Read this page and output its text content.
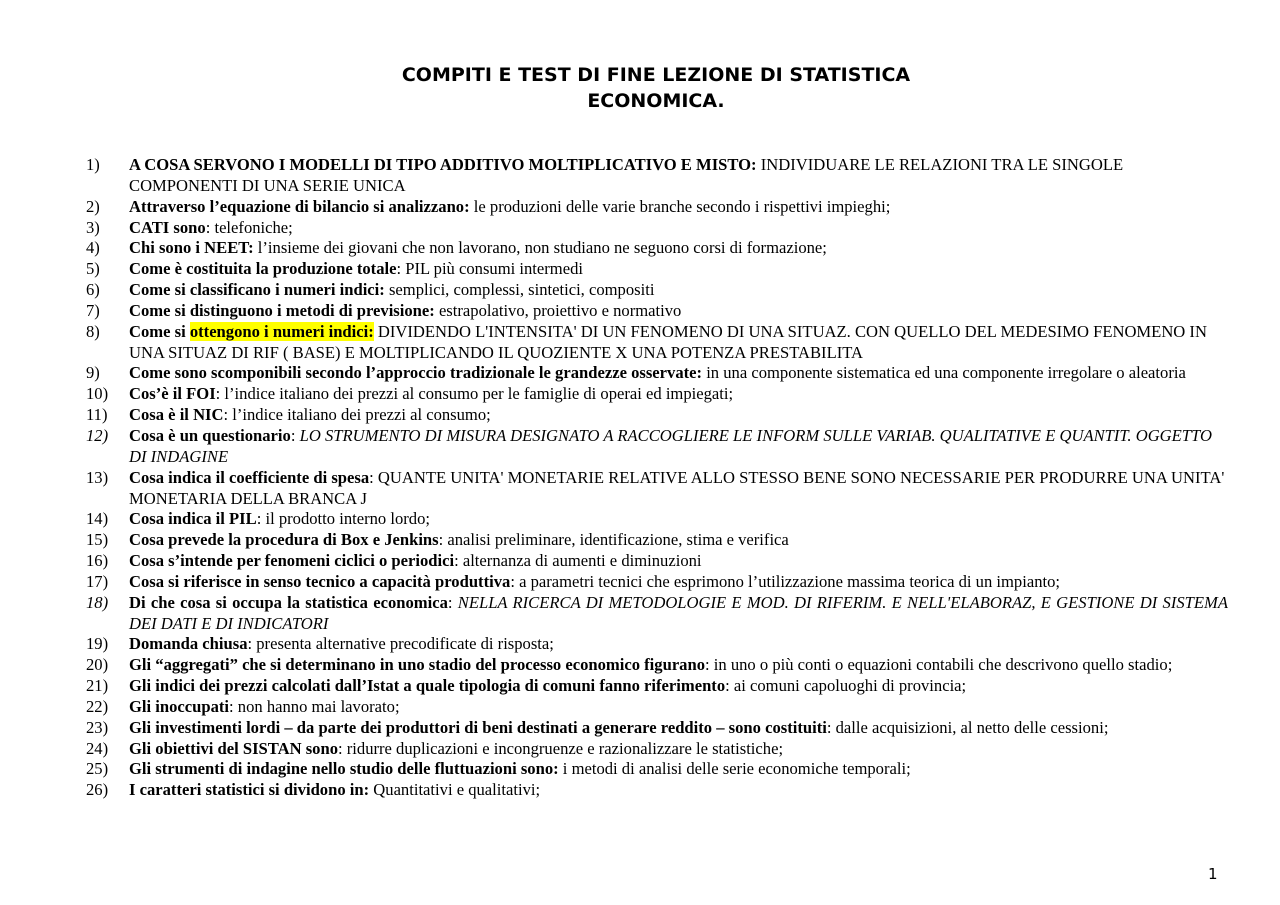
COMPITI E TEST DI FINE LEZIONE DI STATISTICA
ECONOMICA.
1)	A COSA SERVONO I MODELLI DI TIPO ADDITIVO MOLTIPLICATIVO E MISTO: INDIVIDUARE LE RELAZIONI TRA LE SINGOLE COMPONENTI DI UNA SERIE UNICA
2)	Attraverso l’equazione di bilancio si analizzano: le produzioni delle varie branche secondo i rispettivi impieghi;
3)	CATI sono: telefoniche;
4)	Chi sono i NEET: l’insieme dei giovani che non lavorano, non studiano ne seguono corsi di formazione;
5)	Come è costituita la produzione totale: PIL più consumi intermedi
6)	Come si classificano i numeri indici: semplici, complessi, sintetici, compositi
7)	Come si distinguono i metodi di previsione: estrapolativo, proiettivo e normativo
8)	Come si ottengono i numeri indici: DIVIDENDO L'INTENSITA' DI UN FENOMENO DI UNA SITUAZ. CON QUELLO DEL MEDESIMO FENOMENO IN UNA SITUAZ DI RIF ( BASE) E MOLTIPLICANDO IL QUOZIENTE X UNA POTENZA PRESTABILITA
9)	Come sono scomponibili secondo l’approccio tradizionale le grandezze osservate: in una componente sistematica ed una componente irregolare o aleatoria
10)	Cos’è il FOI: l’indice italiano dei prezzi al consumo per le famiglie di operai ed impiegati;
11)	Cosa è il NIC: l’indice italiano dei prezzi al consumo;
12)	Cosa è un questionario: LO STRUMENTO DI MISURA DESIGNATO A RACCOGLIERE LE INFORM SULLE VARIAB. QUALITATIVE E QUANTIT. OGGETTO DI INDAGINE
13)	Cosa indica il coefficiente di spesa: QUANTE UNITA' MONETARIE RELATIVE ALLO STESSO BENE SONO NECESSARIE PER PRODURRE UNA UNITA' MONETARIA DELLA BRANCA J
14)	Cosa indica il PIL: il prodotto interno lordo;
15)	Cosa prevede la procedura di Box e Jenkins: analisi preliminare, identificazione, stima e verifica
16)	Cosa s’intende per fenomeni ciclici o periodici: alternanza di aumenti e diminuzioni
17)	Cosa si riferisce in senso tecnico a capacità produttiva: a parametri tecnici che esprimono l’utilizzazione massima teorica di un impianto;
18)	Di che cosa si occupa la statistica economica: NELLA RICERCA DI METODOLOGIE E MOD. DI RIFERIM. E NELL'ELABORAZ, E GESTIONE DI SISTEMA DEI DATI E DI INDICATORI
19)	Domanda chiusa: presenta alternative precodificate di risposta;
20)	Gli “aggregati” che si determinano in uno stadio del processo economico figurano: in uno o più conti o equazioni contabili che descrivono quello stadio;
21)	Gli indici dei prezzi calcolati dall’Istat a quale tipologia di comuni fanno riferimento: ai comuni capoluoghi di provincia;
22)	Gli inoccupati: non hanno mai lavorato;
23)	Gli investimenti lordi – da parte dei produttori di beni destinati a generare reddito – sono costituiti: dalle acquisizioni, al netto delle cessioni;
24)	Gli obiettivi del SISTAN sono: ridurre duplicazioni e incongruenze e razionalizzare le statistiche;
25)	Gli strumenti di indagine nello studio delle fluttuazioni sono: i metodi di analisi delle serie economiche temporali;
26)	I caratteri statistici si dividono in: Quantitativi e qualitativi;
1
